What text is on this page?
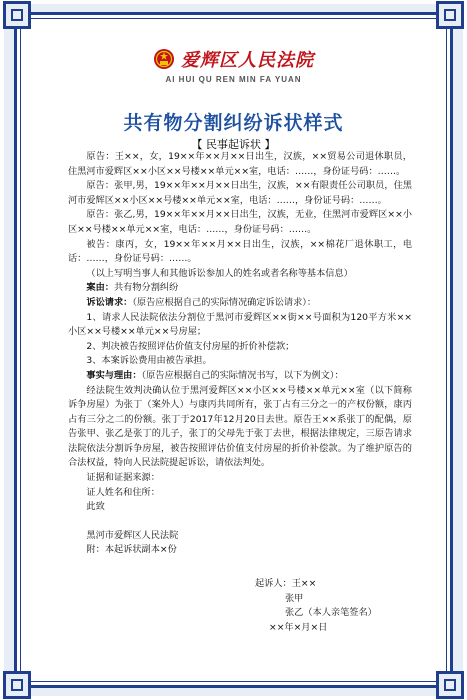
爱辉区人民法院
AI HUI QU REN MIN FA YUAN
共有物分割纠纷诉状样式
【 民事起诉状 】

原告：王××，女，19××年××月××日出生，汉族，××贸易公司退休职员，住黑河市爱辉区××小区××号楼××单元××室，电话：……，身份证号码：……。

原告：张甲,男，19××年××月××日出生，汉族，××有限责任公司职员，住黑河市爱辉区××小区××号楼××单元××室，电话：……，身份证号码：……。

原告：张乙,男，19××年××月××日出生，汉族，无业，住黑河市爱辉区××小区××号楼××单元××室，电话：……，身份证号码：……。

被告：康丙，女，19××年××月××日出生，汉族，××棉花厂退休职工，电话：……，身份证号码：……。

（以上写明当事人和其他诉讼参加人的姓名或者名称等基本信息）

案由：共有物分割纠纷

诉讼请求：（原告应根据自己的实际情况确定诉讼请求）：

1、请求人民法院依法分割位于黑河市爱辉区××街××号面积为120平方米××小区××号楼××单元××号房屋；

2、判决被告按照评估价值支付房屋的折价补偿款；

3、本案诉讼费用由被告承担。

事实与理由：（原告应根据自己的实际情况书写，以下为例文）：

经法院生效判决确认位于黑河爱辉区××小区××号楼××单元××室（以下简称诉争房屋）为张丁（案外人）与康丙共同所有，张丁占有三分之一的产权份额，康丙占有三分之二的份额。张丁于2017年12月20日去世。原告王××系张丁的配偶，原告张甲、张乙是张丁的儿子，张丁的父母先于张丁去世，根据法律规定，三原告请求法院依法分割诉争房屋，被告按照评估价值支付房屋的折价补偿款。为了维护原告的合法权益，特向人民法院提起诉讼，请依法判处。

证据和证据来源：

证人姓名和住所：

此致

黑河市爱辉区人民法院

附：本起诉状副本×份

起诉人：王××
张甲
张乙（本人亲笔签名）
××年×月×日
